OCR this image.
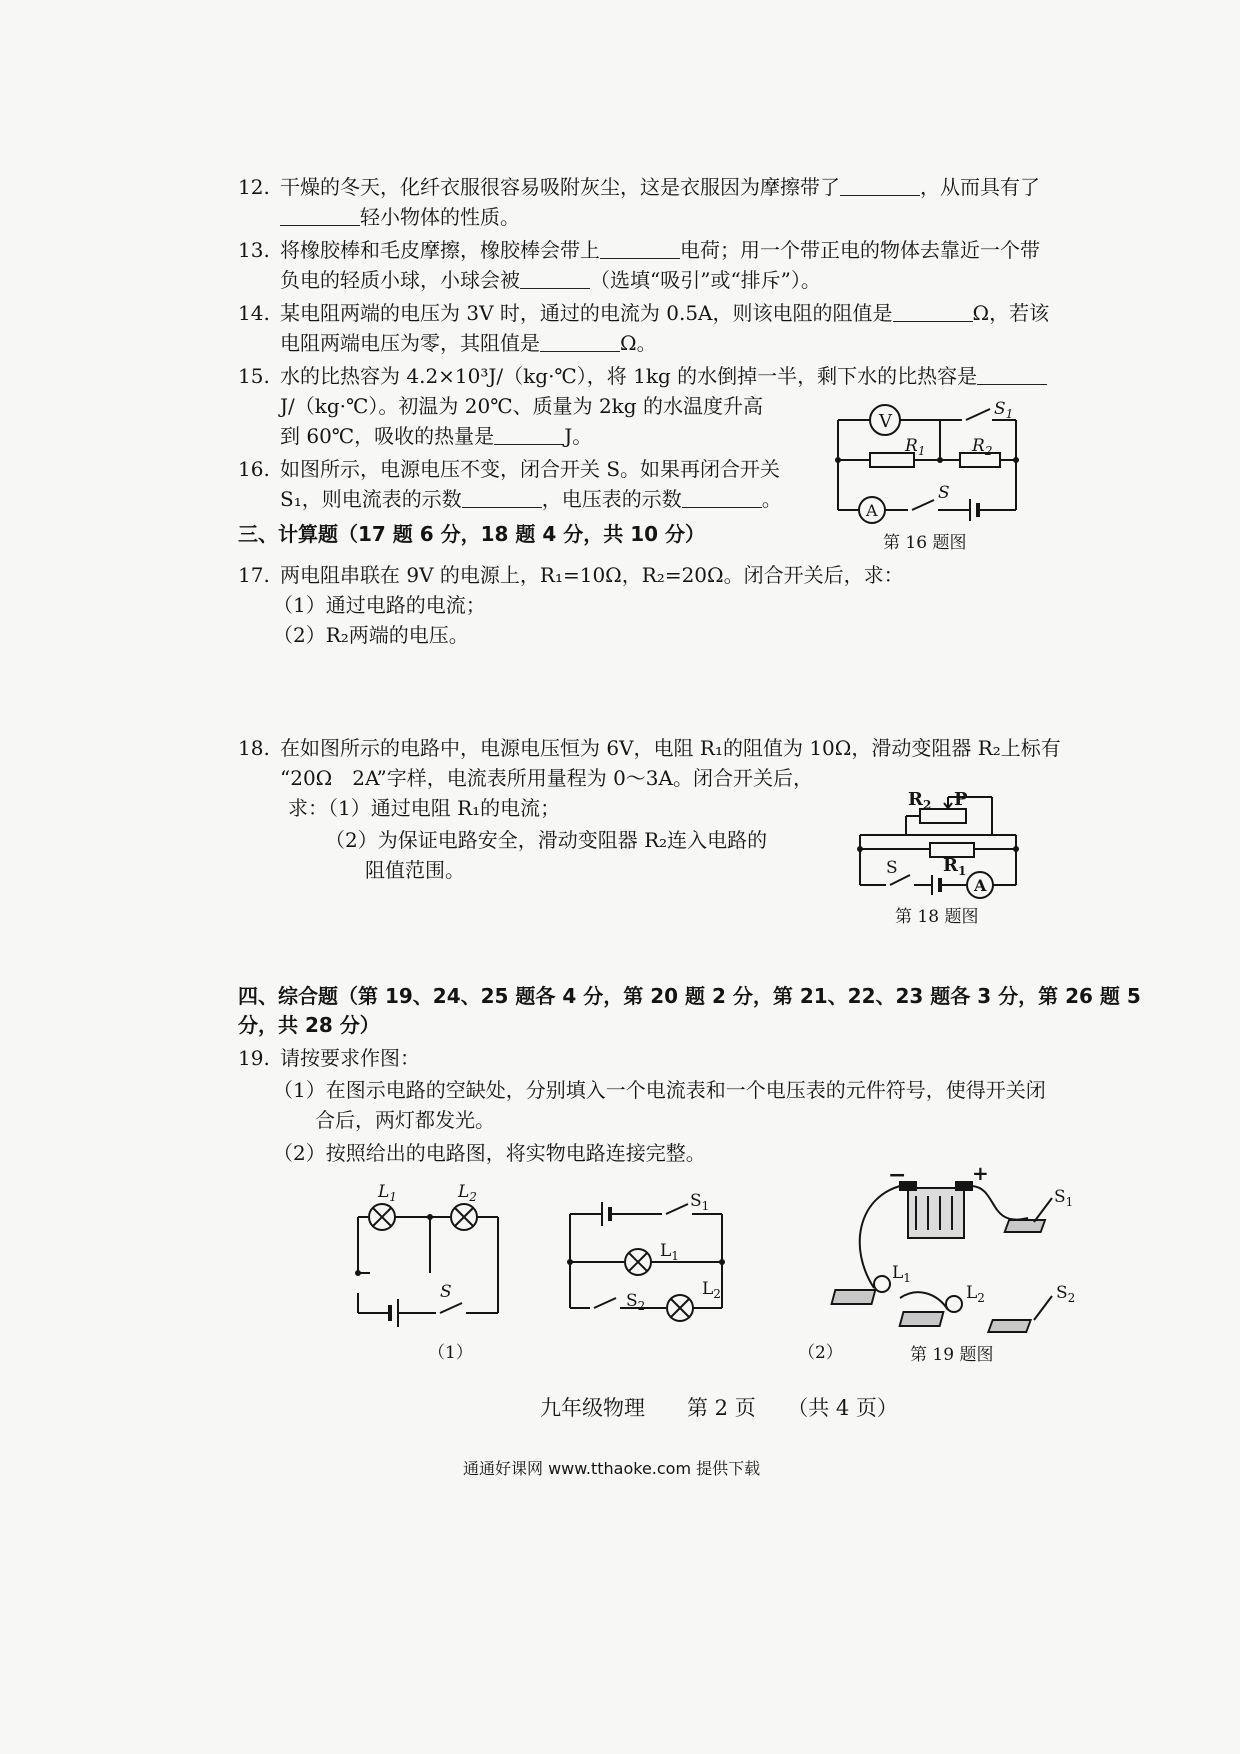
12. 干燥的冬天，化纤衣服很容易吸附灰尘，这是衣服因为摩擦带了	，从而具有了
轻小物体的性质。
13. 将橡胶棒和毛皮摩擦，橡胶棒会带上	电荷；用一个带正电的物体去靠近一个带
负电的轻质小球，小球会被	（选填“吸引”或“排斥”）。
14. 某电阻两端的电压为 3V 时，通过的电流为 0.5A，则该电阻的阻值是	Ω，若该
电阻两端电压为零，其阻值是	Ω。
15. 水的比热容为 4.2×10³J/（kg·℃），将 1kg 的水倒掉一半，剩下水的比热容是
J/（kg·℃）。初温为 20℃、质量为 2kg 的水温度升高
到 60℃，吸收的热量是	J。
16. 如图所示，电源电压不变，闭合开关 S。如果再闭合开关
S₁，则电流表的示数	，电压表的示数	。
V
A
$S_1$
$R_1$	$R_2$
S
第 16 题图
三、计算题（17 题 6 分，18 题 4 分，共 10 分）
17. 两电阻串联在 9V 的电源上，R₁=10Ω，R₂=20Ω。闭合开关后，求：
（1）通过电路的电流；
（2）R₂两端的电压。
18. 在如图所示的电路中，电源电压恒为 6V，电阻 R₁的阻值为 10Ω，滑动变阻器 R₂上标有
“20Ω　2A”字样，电流表所用量程为 0～3A。闭合开关后，
求：（1）通过电阻 R₁的电流；
（2）为保证电路安全，滑动变阻器 R₂连入电路的
阻值范围。
$R_2$ P
$R_1$
S
A
第 18 题图
四、综合题（第 19、24、25 题各 4 分，第 20 题 2 分，第 21、22、23 题各 3 分，第 26 题 5
分，共 28 分）
19. 请按要求作图：
（1）在图示电路的空缺处，分别填入一个电流表和一个电压表的元件符号，使得开关闭
合后，两灯都发光。
（2）按照给出的电路图，将实物电路连接完整。
$L_1$	$L_2$
S
（1）
$S_1$
$L_1$
$S_2$
$L_2$
（2）
−	+
$S_1$
$L_1$
$L_2$	$S_2$
第 19 题图
九年级物理　　第 2 页　　（共 4 页）
通通好课网 www.tthaoke.com 提供下载
